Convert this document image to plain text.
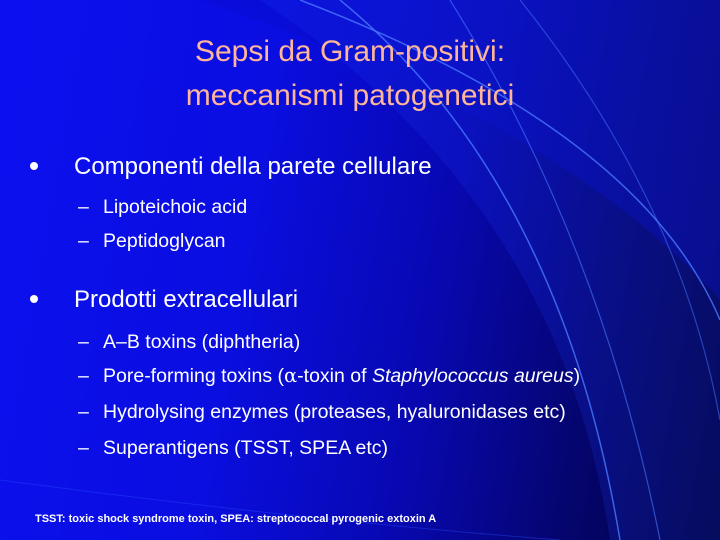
Sepsi da Gram-positivi:
meccanismi patogenetici
Componenti della parete cellulare
– Lipoteichoic acid
– Peptidoglycan
Prodotti extracellulari
– A–B toxins (diphtheria)
– Pore-forming toxins (α-toxin of Staphylococcus aureus)
– Hydrolysing enzymes (proteases, hyaluronidases etc)
– Superantigens (TSST, SPEA etc)
TSST: toxic shock syndrome toxin, SPEA: streptococcal pyrogenic extoxin A
